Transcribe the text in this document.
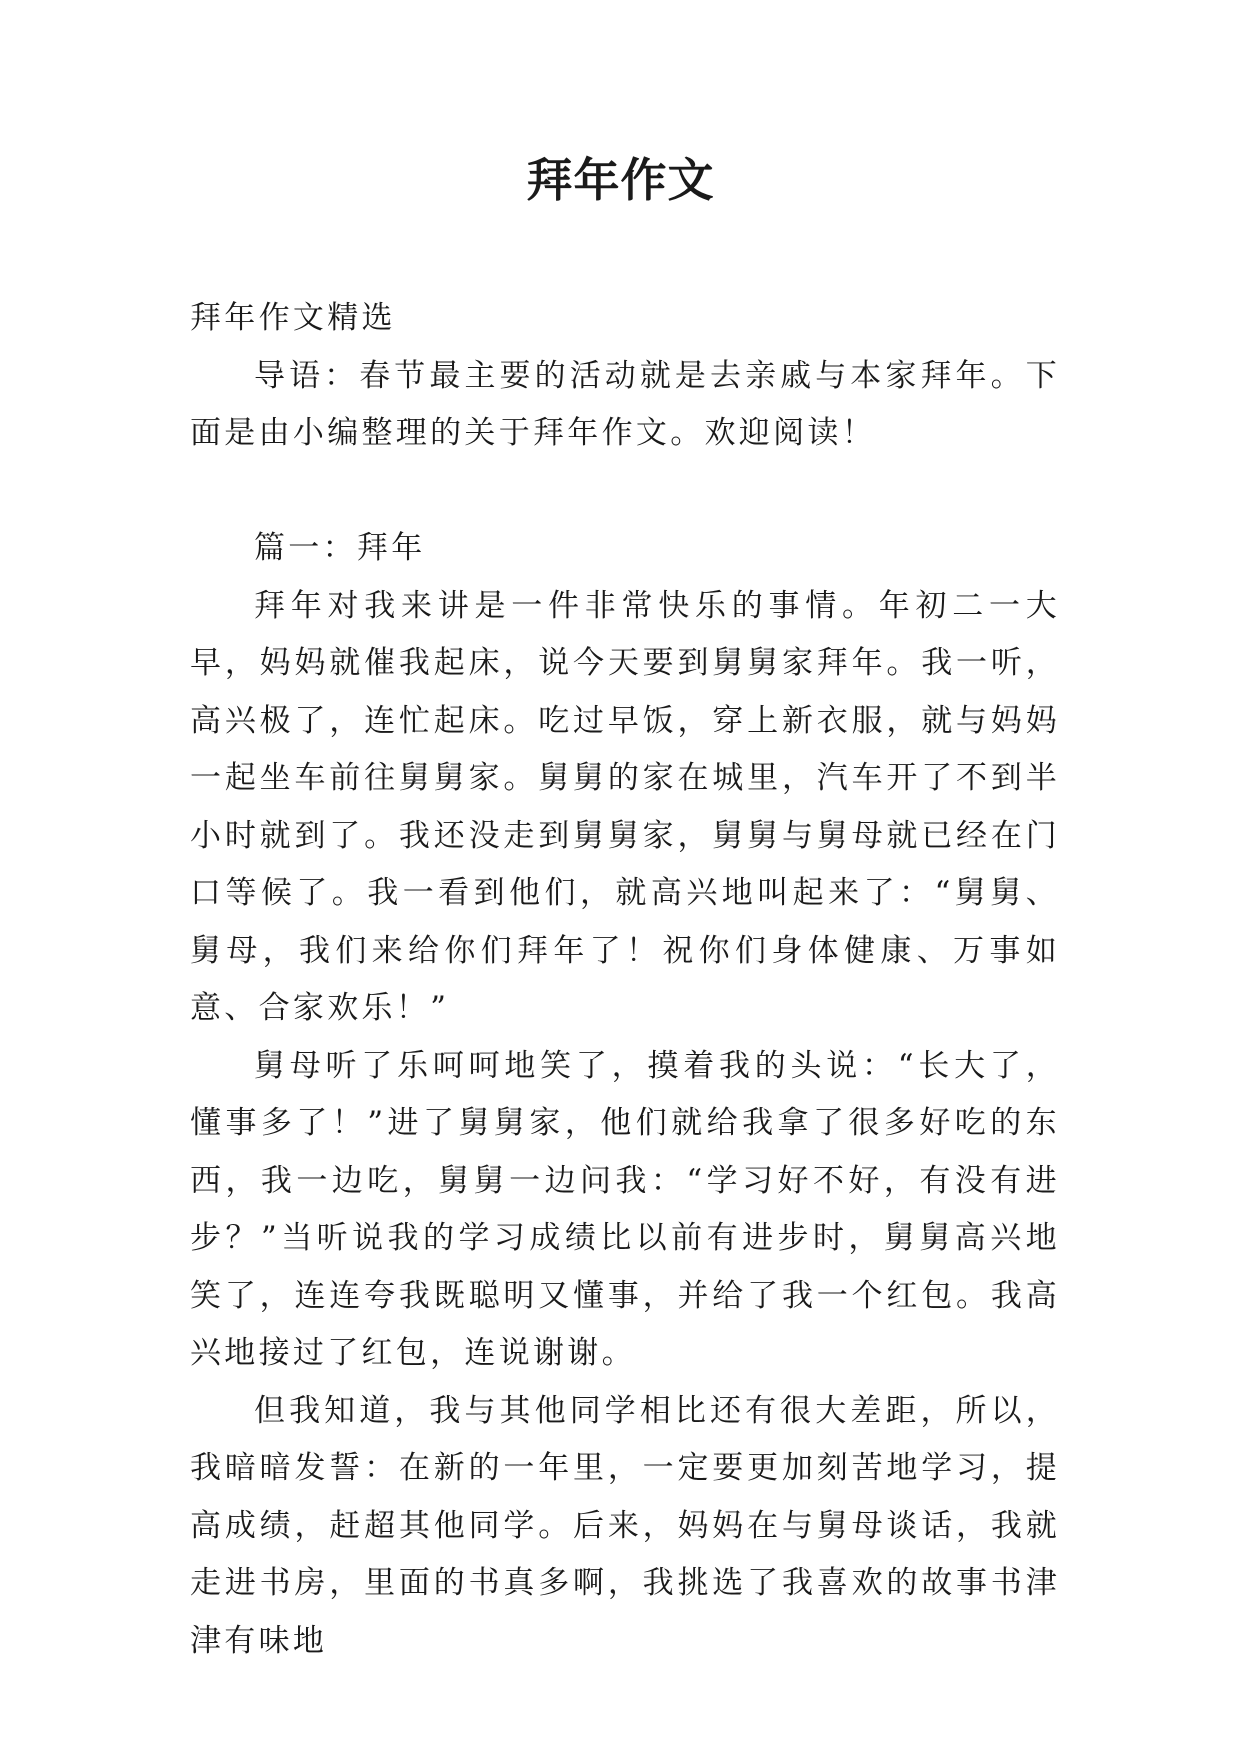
拜年作文

拜年作文精选

导语：春节最主要的活动就是去亲戚与本家拜年。下面是由小编整理的关于拜年作文。欢迎阅读！

篇一：拜年

拜年对我来讲是一件非常快乐的事情。年初二一大早，妈妈就催我起床，说今天要到舅舅家拜年。我一听，高兴极了，连忙起床。吃过早饭，穿上新衣服，就与妈妈一起坐车前往舅舅家。舅舅的家在城里，汽车开了不到半小时就到了。我还没走到舅舅家，舅舅与舅母就已经在门口等候了。我一看到他们，就高兴地叫起来了：“舅舅、舅母，我们来给你们拜年了！祝你们身体健康、万事如意、合家欢乐！”

舅母听了乐呵呵地笑了，摸着我的头说：“长大了，懂事多了！”进了舅舅家，他们就给我拿了很多好吃的东西，我一边吃，舅舅一边问我：“学习好不好，有没有进步？”当听说我的学习成绩比以前有进步时，舅舅高兴地笑了，连连夸我既聪明又懂事，并给了我一个红包。我高兴地接过了红包，连说谢谢。

但我知道，我与其他同学相比还有很大差距，所以，我暗暗发誓：在新的一年里，一定要更加刻苦地学习，提高成绩，赶超其他同学。后来，妈妈在与舅母谈话，我就走进书房，里面的书真多啊，我挑选了我喜欢的故事书津津有味地
